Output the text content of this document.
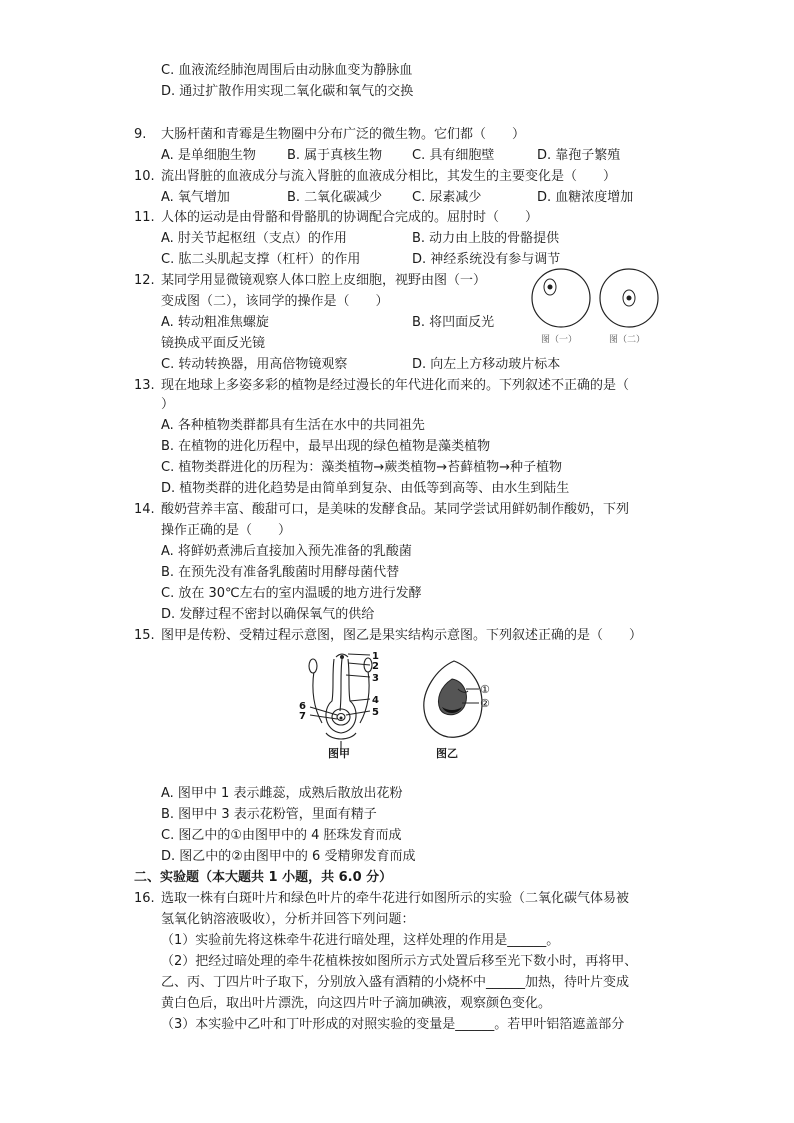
C. 血液流经肺泡周围后由动脉血变为静脉血
D. 通过扩散作用实现二氧化碳和氧气的交换
9. 大肠杆菌和青霉是生物圈中分布广泛的微生物。它们都（　　）
A. 是单细胞生物 B. 属于真核生物 C. 具有细胞壁	D. 靠孢子繁殖
10. 流出肾脏的血液成分与流入肾脏的血液成分相比，其发生的主要变化是（　　）
A. 氧气增加	B. 二氧化碳减少 C. 尿素减少	D. 血糖浓度增加
11. 人体的运动是由骨骼和骨骼肌的协调配合完成的。屈肘时（　　）
A. 肘关节起枢纽（支点）的作用	B. 动力由上肢的骨骼提供
C. 肱二头肌起支撑（杠杆）的作用	D. 神经系统没有参与调节
12. 某同学用显微镜观察人体口腔上皮细胞，视野由图（一）
变成图（二），该同学的操作是（　　）
A. 转动粗准焦螺旋	B. 将凹面反光
镜换成平面反光镜
C. 转动转换器，用高倍物镜观察	D. 向左上方移动玻片标本
图（一）	图（二）
13. 现在地球上多姿多彩的植物是经过漫长的年代进化而来的。下列叙述不正确的是（
）
A. 各种植物类群都具有生活在水中的共同祖先
B. 在植物的进化历程中，最早出现的绿色植物是藻类植物
C. 植物类群进化的历程为：藻类植物→蕨类植物→苔藓植物→种子植物
D. 植物类群的进化趋势是由简单到复杂、由低等到高等、由水生到陆生
14. 酸奶营养丰富、酸甜可口，是美味的发酵食品。某同学尝试用鲜奶制作酸奶，下列
操作正确的是（　　）
A. 将鲜奶煮沸后直接加入预先准备的乳酸菌
B. 在预先没有准备乳酸菌时用酵母菌代替
C. 放在 30℃左右的室内温暖的地方进行发酵
D. 发酵过程不密封以确保氧气的供给
15. 图甲是传粉、受精过程示意图，图乙是果实结构示意图。下列叙述正确的是（　　）
1
2
3
4
5
6
7
图甲
①
②
图乙
A. 图甲中 1 表示雌蕊，成熟后散放出花粉
B. 图甲中 3 表示花粉管，里面有精子
C. 图乙中的①由图甲中的 4 胚珠发育而成
D. 图乙中的②由图甲中的 6 受精卵发育而成
二、实验题（本大题共 1 小题，共 6.0 分）
16. 选取一株有白斑叶片和绿色叶片的牵牛花进行如图所示的实验（二氧化碳气体易被
氢氧化钠溶液吸收），分析并回答下列问题：
（1）实验前先将这株牵牛花进行暗处理，这样处理的作用是______。
（2）把经过暗处理的牵牛花植株按如图所示方式处置后移至光下数小时，再将甲、
乙、丙、丁四片叶子取下，分别放入盛有酒精的小烧杯中______加热，待叶片变成
黄白色后，取出叶片漂洗，向这四片叶子滴加碘液，观察颜色变化。
（3）本实验中乙叶和丁叶形成的对照实验的变量是______。若甲叶铝箔遮盖部分
